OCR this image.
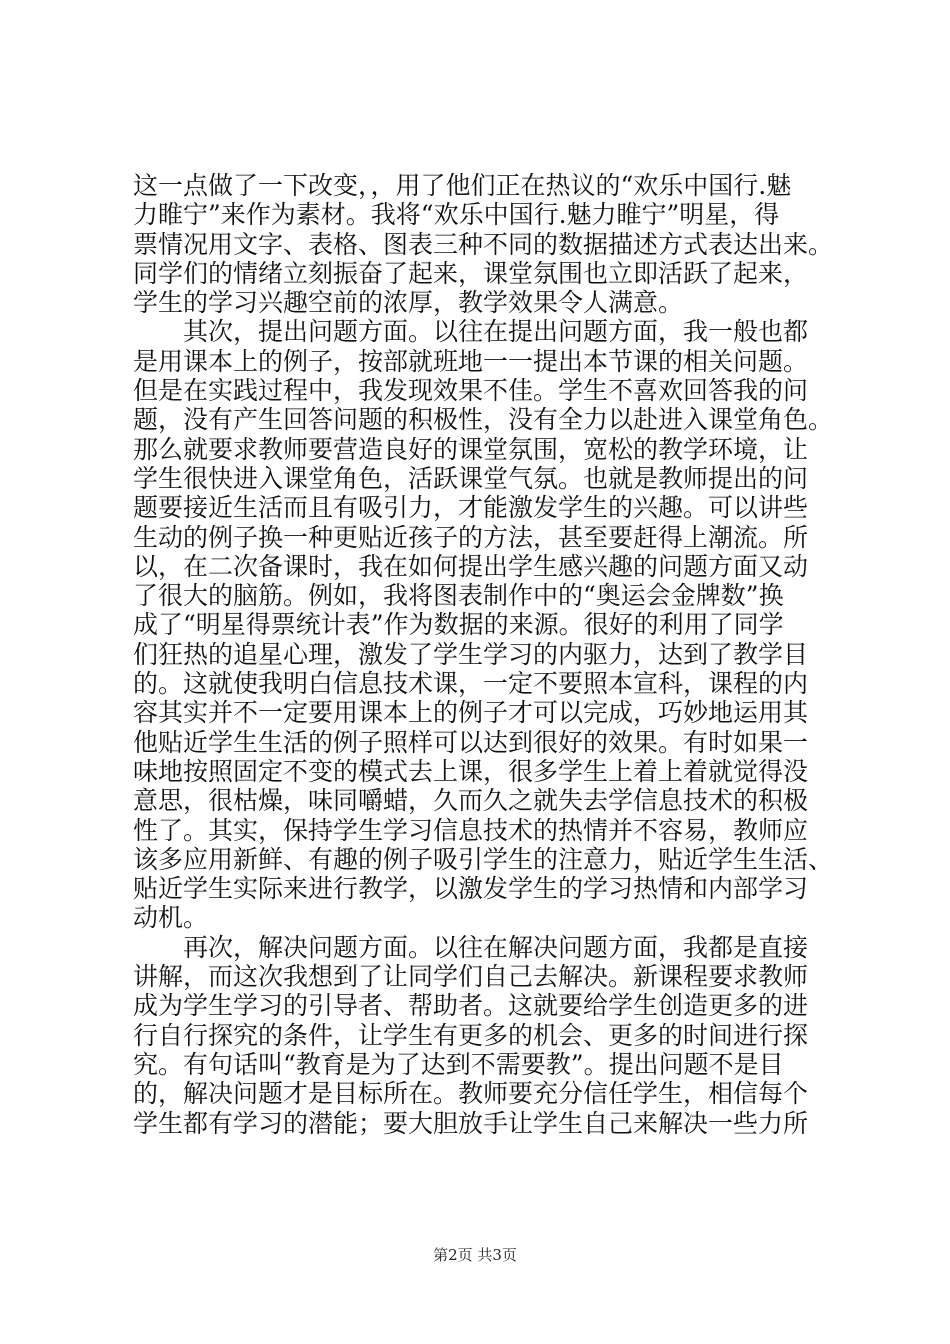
这一点做了一下改变，，用了他们正在热议的“欢乐中国行.魅
力睢宁”来作为素材。我将“欢乐中国行.魅力睢宁”明星，得
票情况用文字、表格、图表三种不同的数据描述方式表达出来。
同学们的情绪立刻振奋了起来，课堂氛围也立即活跃了起来，
学生的学习兴趣空前的浓厚，教学效果令人满意。
　　其次，提出问题方面。以往在提出问题方面，我一般也都
是用课本上的例子，按部就班地一一提出本节课的相关问题。
但是在实践过程中，我发现效果不佳。学生不喜欢回答我的问
题，没有产生回答问题的积极性，没有全力以赴进入课堂角色。
那么就要求教师要营造良好的课堂氛围，宽松的教学环境，让
学生很快进入课堂角色，活跃课堂气氛。也就是教师提出的问
题要接近生活而且有吸引力，才能激发学生的兴趣。可以讲些
生动的例子换一种更贴近孩子的方法，甚至要赶得上潮流。所
以，在二次备课时，我在如何提出学生感兴趣的问题方面又动
了很大的脑筋。例如，我将图表制作中的“奥运会金牌数”换
成了“明星得票统计表”作为数据的来源。很好的利用了同学
们狂热的追星心理，激发了学生学习的内驱力，达到了教学目
的。这就使我明白信息技术课，一定不要照本宣科，课程的内
容其实并不一定要用课本上的例子才可以完成，巧妙地运用其
他贴近学生生活的例子照样可以达到很好的效果。有时如果一
味地按照固定不变的模式去上课，很多学生上着上着就觉得没
意思，很枯燥，味同嚼蜡，久而久之就失去学信息技术的积极
性了。其实，保持学生学习信息技术的热情并不容易，教师应
该多应用新鲜、有趣的例子吸引学生的注意力，贴近学生生活、
贴近学生实际来进行教学，以激发学生的学习热情和内部学习
动机。
　　再次，解决问题方面。以往在解决问题方面，我都是直接
讲解，而这次我想到了让同学们自己去解决。新课程要求教师
成为学生学习的引导者、帮助者。这就要给学生创造更多的进
行自行探究的条件，让学生有更多的机会、更多的时间进行探
究。有句话叫“教育是为了达到不需要教”。提出问题不是目
的，解决问题才是目标所在。教师要充分信任学生，相信每个
学生都有学习的潜能；要大胆放手让学生自己来解决一些力所
第2页 共3页
